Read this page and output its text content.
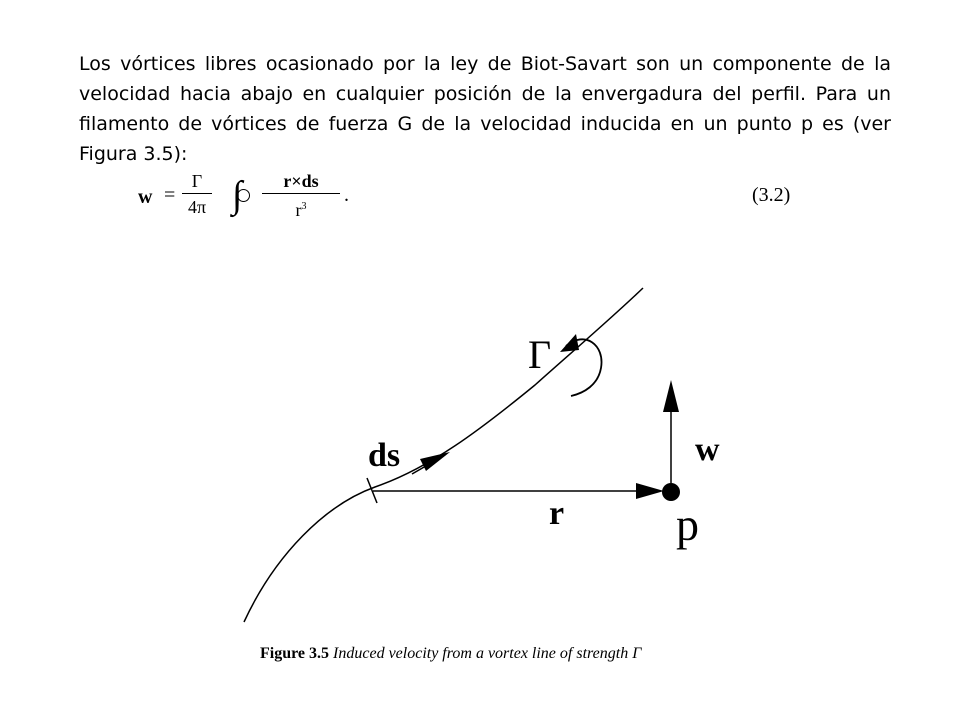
Los vórtices libres ocasionado por la ley de Biot-Savart son un componente de la velocidad hacia abajo en cualquier posición de la envergadura del perfil. Para un filamento de vórtices de fuerza G de la velocidad inducida en un punto p es (ver Figura 3.5):

w =
Γ
4π ∫	r×ds
$r^3$
.	(3.2)
Γ
ds	w
r p
Figure 3.5 Induced velocity from a vortex line of strength Γ
